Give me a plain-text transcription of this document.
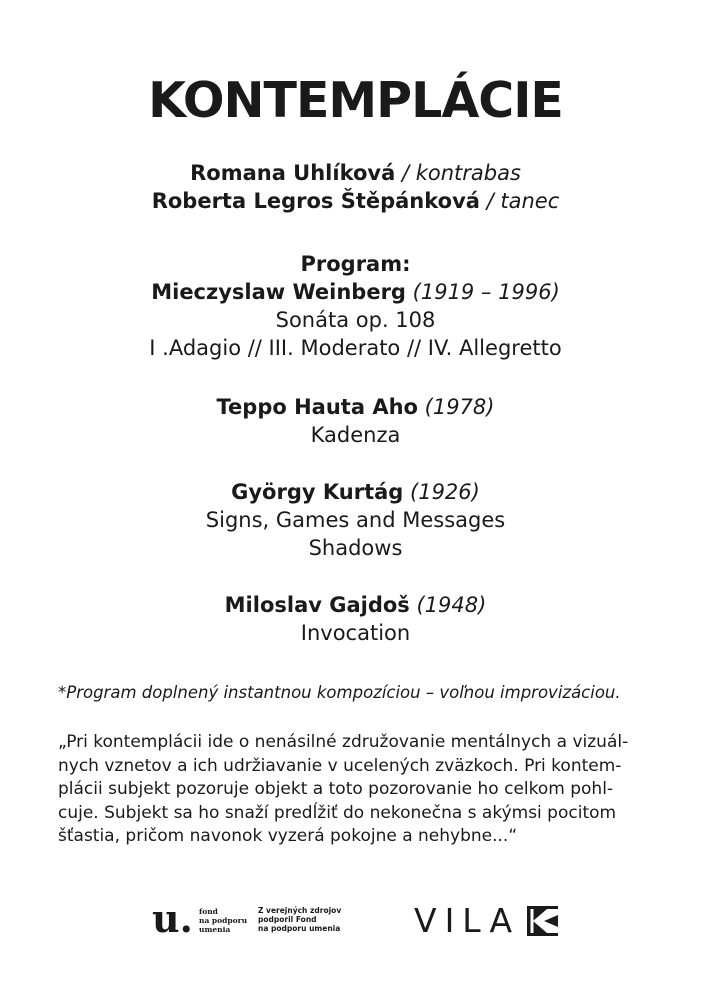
KONTEMPLÁCIE
Romana Uhlíková / kontrabas
Roberta Legros Štěpánková / tanec
Program:
Mieczyslaw Weinberg (1919 – 1996)
Sonáta op. 108
I .Adagio // III. Moderato // IV. Allegretto
Teppo Hauta Aho (1978)
Kadenza
György Kurtág (1926)
Signs, Games and Messages
Shadows
Miloslav Gajdoš (1948)
Invocation
*Program doplnený instantnou kompozíciou – voľnou improvizáciou.
„Pri kontemplácii ide o nenásilné združovanie mentálnych a vizuál-
nych vznetov a ich udržiavanie v ucelených zväzkoch. Pri kontem-
plácii subjekt pozoruje objekt a toto pozorovanie ho celkom pohl-
cuje. Subjekt sa ho snaží predĺžiť do nekonečna s akýmsi pocitom
šťastia, pričom navonok vyzerá pokojne a nehybne...“
u. fond
na podporu
umenia
Z verejných zdrojov
podporil Fond
na podporu umenia VILA
